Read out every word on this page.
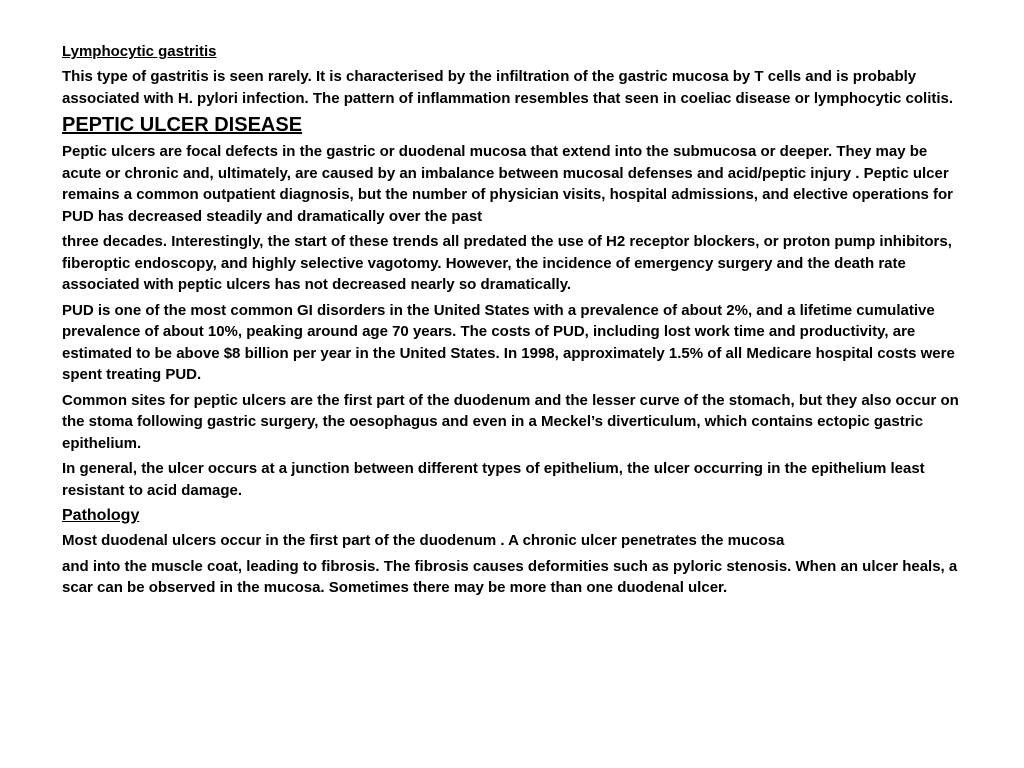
Lymphocytic gastritis
This type of gastritis is seen rarely. It is characterised by the infiltration of the gastric mucosa by T cells and is probably associated with H. pylori infection. The pattern of inflammation resembles that seen in coeliac disease or lymphocytic colitis.
PEPTIC ULCER DISEASE
Peptic ulcers are focal defects in the gastric or duodenal mucosa that extend into the submucosa or deeper. They may be acute or chronic and, ultimately, are caused by an imbalance between mucosal defenses and acid/peptic injury . Peptic ulcer remains a common outpatient diagnosis, but the number of physician visits, hospital admissions, and elective operations for PUD has decreased steadily and dramatically over the past
three decades. Interestingly, the start of these trends all predated the use of H2 receptor blockers, or proton pump inhibitors, fiberoptic endoscopy, and highly selective vagotomy. However, the incidence of emergency surgery and the death rate associated with peptic ulcers has not decreased nearly so dramatically.
PUD is one of the most common GI disorders in the United States with a prevalence of about 2%, and a lifetime cumulative prevalence of about 10%, peaking around age 70 years. The costs of PUD, including lost work time and productivity, are estimated to be above $8 billion per year in the United States. In 1998, approximately 1.5% of all Medicare hospital costs were spent treating PUD.
Common sites for peptic ulcers are the first part of the duodenum and the lesser curve of the stomach, but they also occur on the stoma following gastric surgery, the oesophagus and even in a Meckel’s diverticulum, which contains ectopic gastric epithelium.
In general, the ulcer occurs at a junction between different types of epithelium, the ulcer occurring in the epithelium least resistant to acid damage.
Pathology
Most duodenal ulcers occur in the first part of the duodenum . A chronic ulcer penetrates the mucosa
and into the muscle coat, leading to fibrosis. The fibrosis causes deformities such as pyloric stenosis. When an ulcer heals, a scar can be observed in the mucosa. Sometimes there may be more than one duodenal ulcer.
